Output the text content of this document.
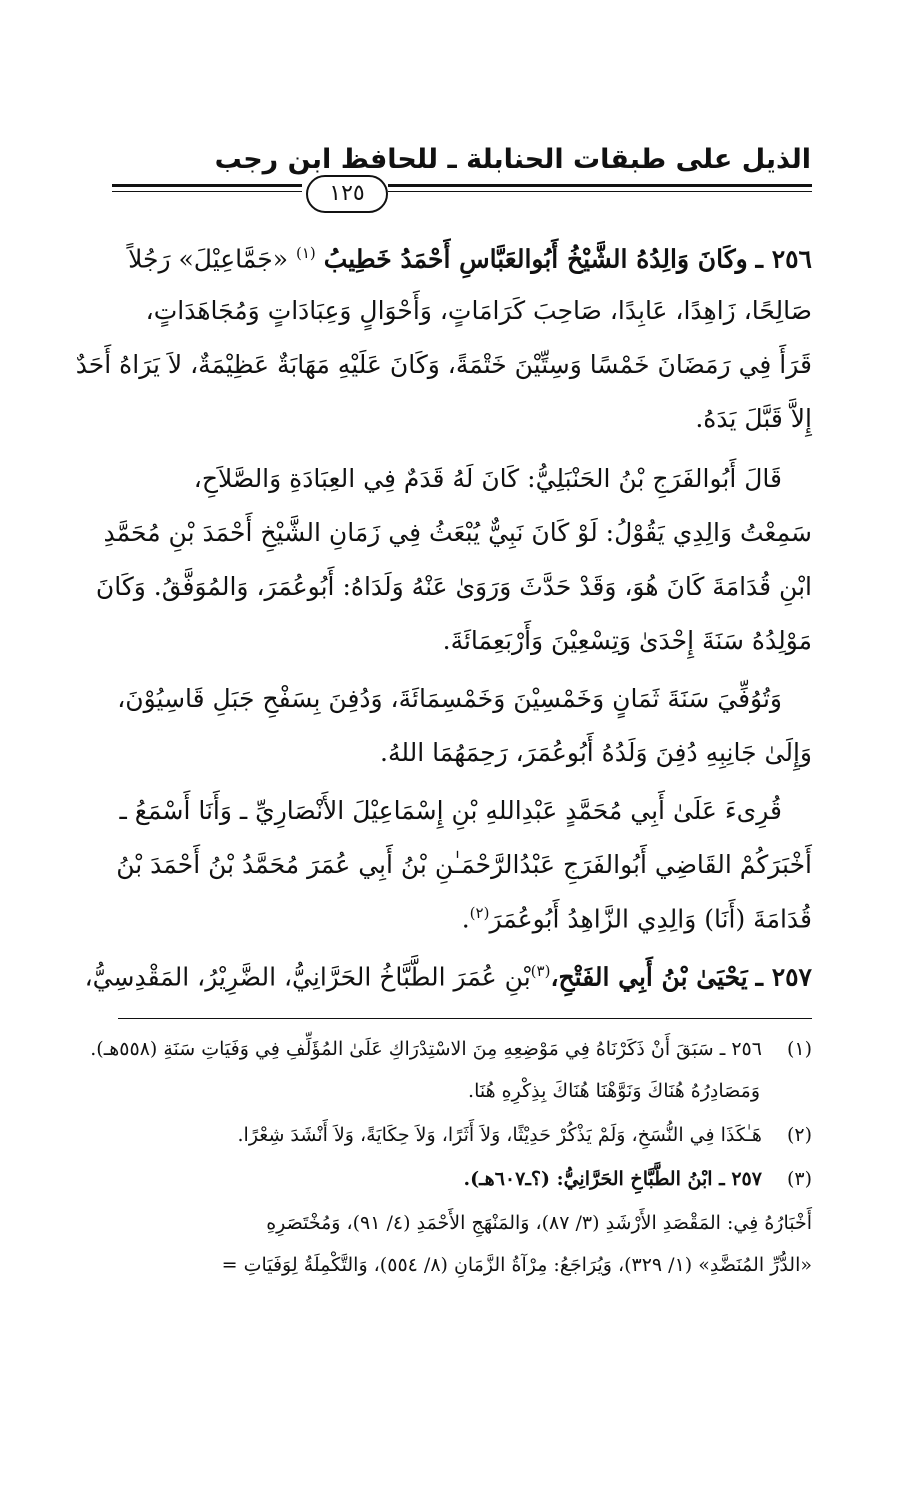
الذيل على طبقات الحنابلة ـ للحافظ ابن رجب
١٢٥
٢٥٦ ـ وكَانَ وَالِدُهُ الشَّيْخُ أَبُوالعَبَّاسِ أَحْمَدُ خَطِيبُ $^{(١)}$ «جَمَّاعِيْلَ» رَجُلاً
صَالِحًا، زَاهِدًا، عَابِدًا، صَاحِبَ كَرَامَاتٍ، وَأَحْوَالٍ وَعِبَادَاتٍ وَمُجَاهَدَاتٍ،
قَرَأَ فِي رَمَضَانَ خَمْسًا وَسِتِّيْنَ خَتْمَةً، وَكَانَ عَلَيْهِ مَهَابَةٌ عَظِيْمَةٌ، لاَ يَرَاهُ أَحَدٌ
إِلاَّ قَبَّلَ يَدَهُ.
قَالَ أَبُوالفَرَجِ بْنُ الحَنْبَلِيُّ: كَانَ لَهُ قَدَمٌ فِي العِبَادَةِ وَالصَّلاَحِ،
سَمِعْتُ وَالِدِي يَقُوْلُ: لَوْ كَانَ نَبِيٌّ يُبْعَثُ فِي زَمَانِ الشَّيْخِ أَحْمَدَ بْنِ مُحَمَّدِ
ابْنِ قُدَامَةَ كَانَ هُوَ، وَقَدْ حَدَّثَ وَرَوَىٰ عَنْهُ وَلَدَاهُ: أَبُوعُمَرَ، وَالمُوَفَّقُ. وَكَانَ
مَوْلِدُهُ سَنَةَ إِحْدَىٰ وَتِسْعِيْنَ وَأَرْبَعِمَائَةَ.
وَتُوُفِّيَ سَنَةَ ثَمَانٍ وَخَمْسِيْنَ وَخَمْسِمَائَةَ، وَدُفِنَ بِسَفْحِ جَبَلِ قَاسِيُوْنَ،
وَإِلَىٰ جَانِبِهِ دُفِنَ وَلَدُهُ أَبُوعُمَرَ، رَحِمَهُمَا اللهُ.
قُرِىءَ عَلَىٰ أَبِي مُحَمَّدٍ عَبْدِاللهِ بْنِ إِسْمَاعِيْلَ الأَنْصَارِيِّ ـ وَأَنَا أَسْمَعُ ـ
أَخْبَرَكُمْ القَاضِي أَبُوالفَرَجِ عَبْدُالرَّحْمَـٰنِ بْنُ أَبِي عُمَرَ مُحَمَّدُ بْنُ أَحْمَدَ بْنُ
قُدَامَةَ (أَنَا) وَالِدِي الزَّاهِدُ أَبُوعُمَرَ$^{(٢)}$.
٢٥٧ ـ يَحْيَىٰ بْنُ أَبِي الفَتْحِ،$^{(٣)}$بْنِ عُمَرَ الطَّبَّاخُ الحَرَّانِيُّ، الضَّرِيْرُ، المَقْدِسِيُّ،
(١) ٢٥٦ ـ سَبَقَ أَنْ ذَكَرْنَاهُ فِي مَوْضِعِهِ مِنَ الاسْتِدْرَاكِ عَلَىٰ المُؤَلِّفِ فِي وَفَيَاتِ سَنَةِ (٥٥٨هـ).
وَمَصَادِرُهُ هُنَاكَ وَنَوَّهْنَا هُنَاكَ بِذِكْرِهِ هُنَا.
(٢) هَـٰكَذَا فِي النُّسَخِ، وَلَمْ يَذْكُرْ حَدِيْثًا، وَلاَ أَثَرًا، وَلاَ حِكَايَةً، وَلاَ أَنْشَدَ شِعْرًا.
(٣) ٢٥٧ ـ ابْنُ الطَّبَّاخِ الحَرَّانِيُّ: (؟ـ٦٠٧هـ).
أَخْبَارُهُ فِي: المَقْصَدِ الأَرْشَدِ (٣/ ٨٧)، وَالمَنْهَجِ الأَحْمَدِ (٤/ ٩١)، وَمُخْتَصَرِهِ
«الدُّرِّ المُنَضَّدِ» (١/ ٣٢٩)، وَيُرَاجَعُ: مِرْآةُ الزَّمَانِ (٨/ ٥٥٤)، وَالتَّكْمِلَةُ لِوَفَيَاتِ =
